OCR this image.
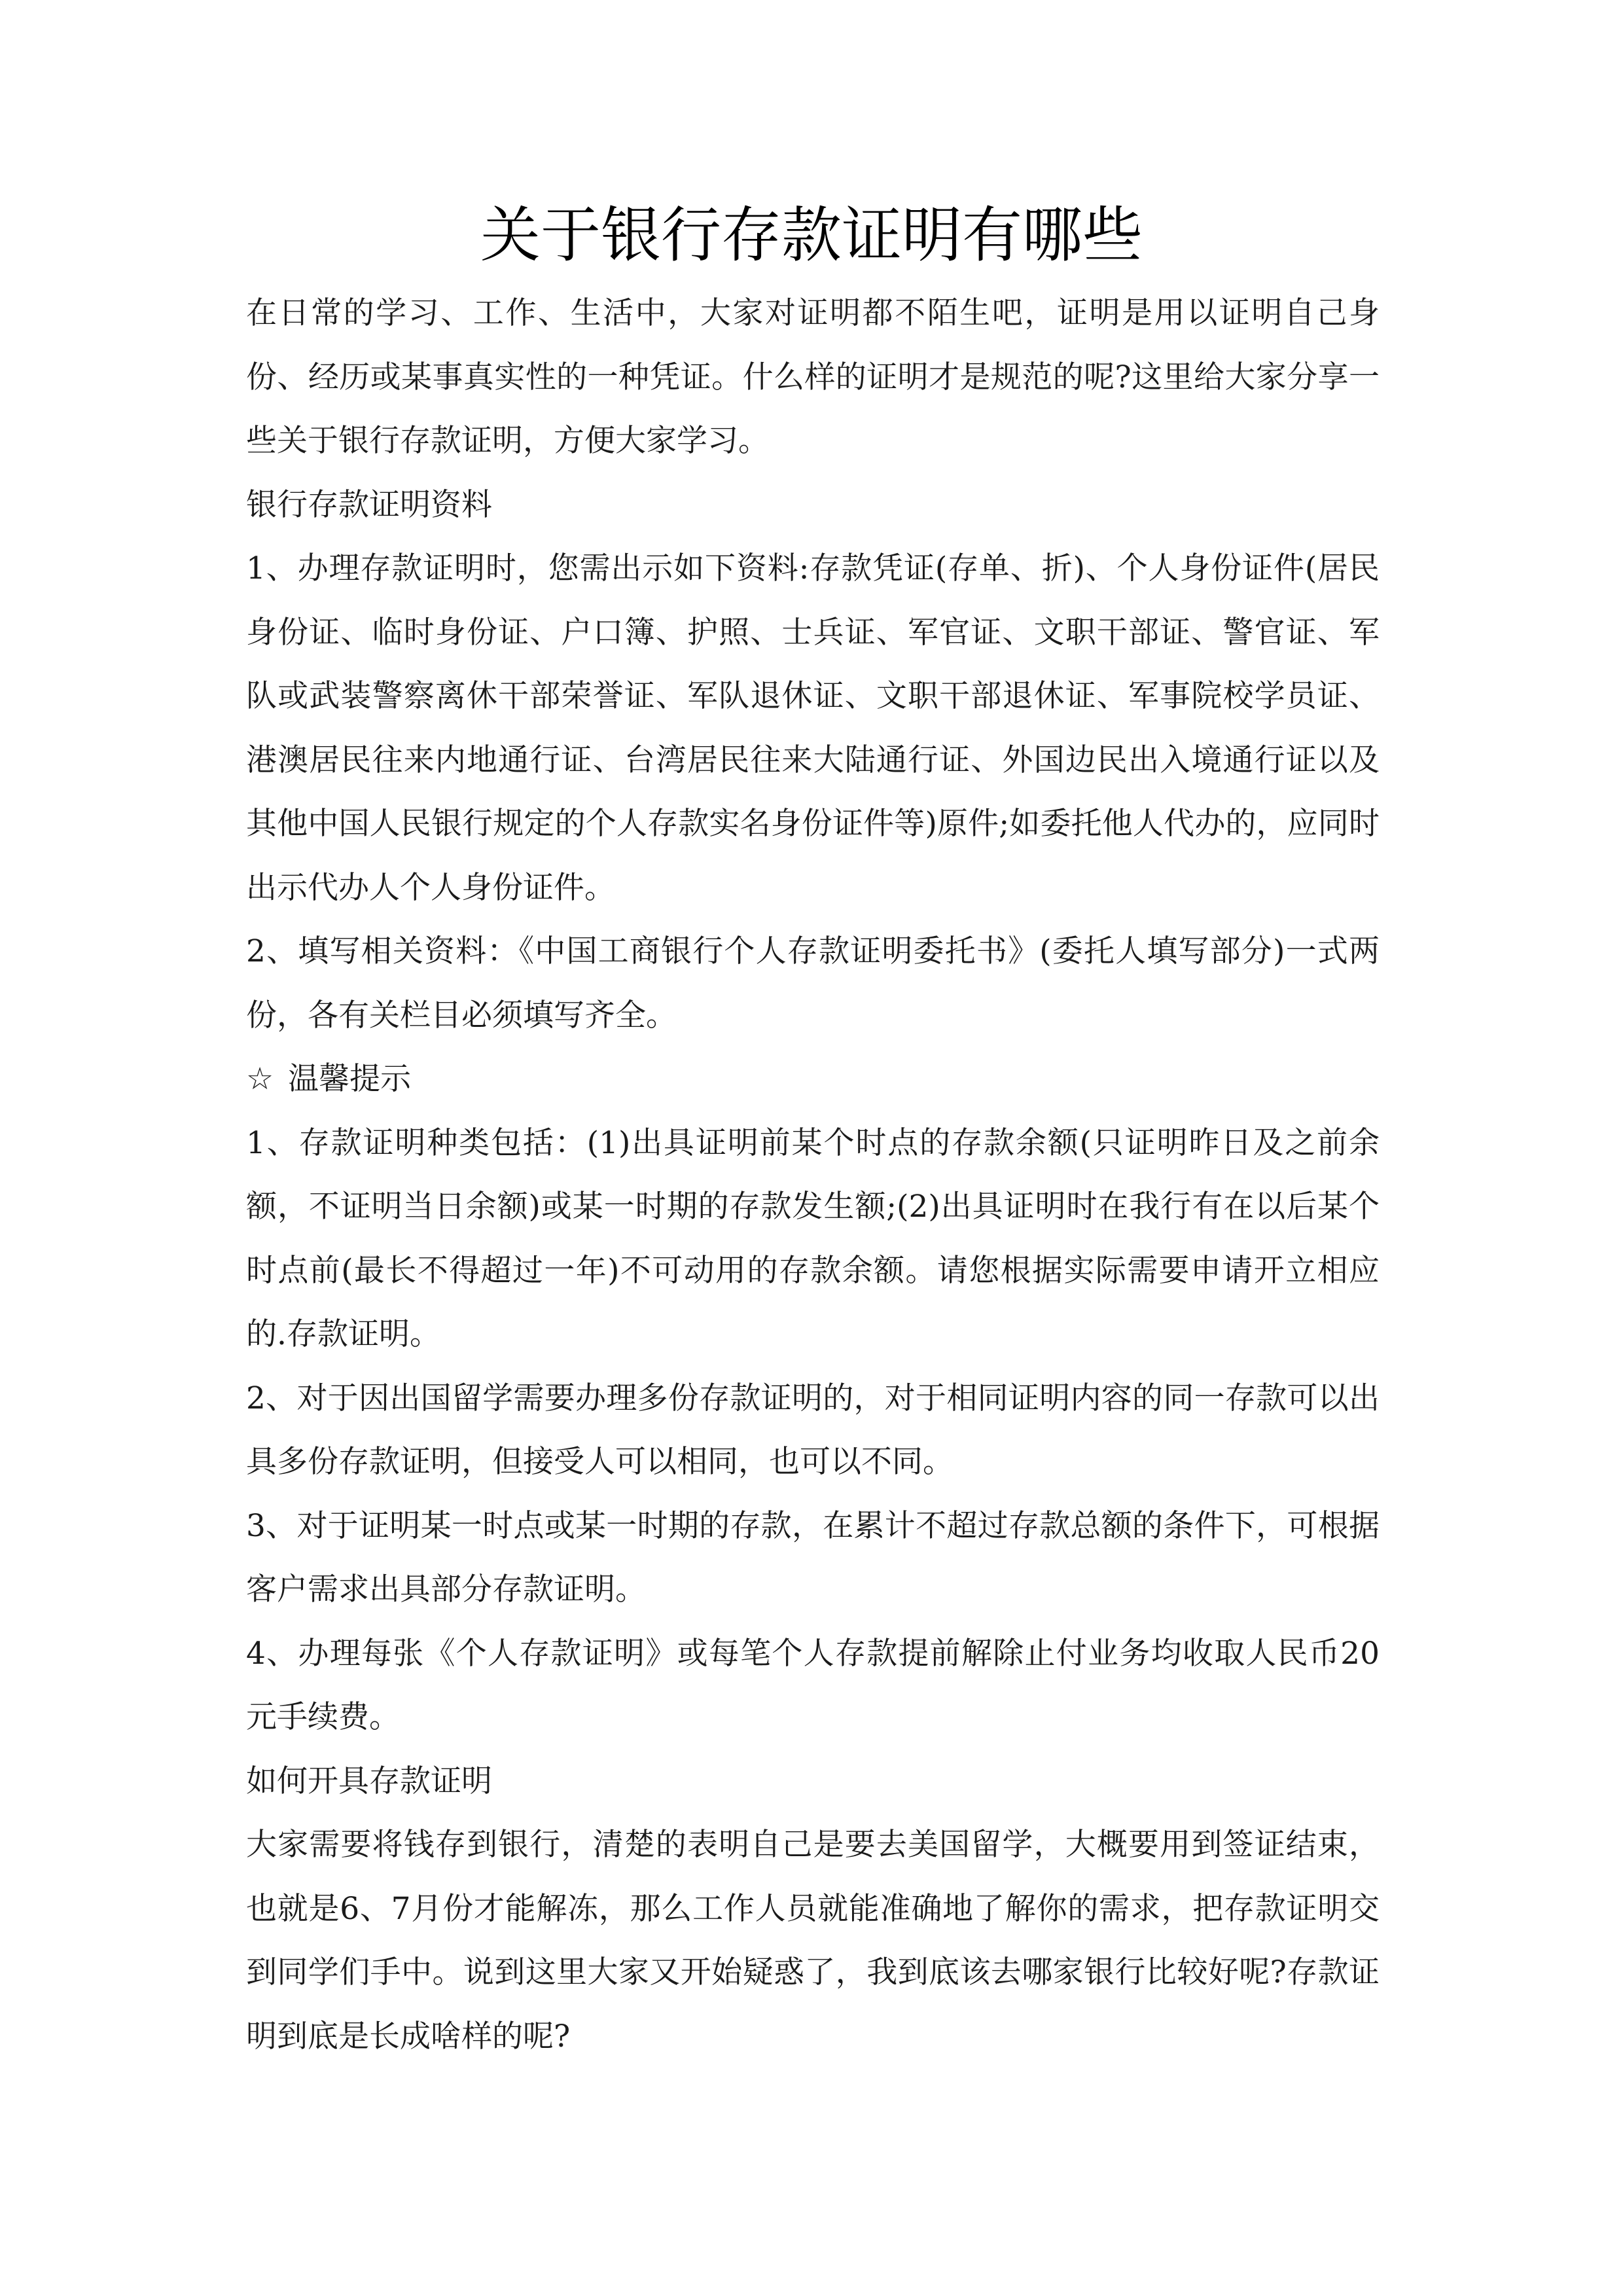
关于银行存款证明有哪些

在日常的学习、工作、生活中，大家对证明都不陌生吧，证明是用以证明自己身份、经历或某事真实性的一种凭证。什么样的证明才是规范的呢?这里给大家分享一些关于银行存款证明，方便大家学习。

银行存款证明资料

1、办理存款证明时，您需出示如下资料:存款凭证(存单、折)、个人身份证件(居民身份证、临时身份证、户口簿、护照、士兵证、军官证、文职干部证、警官证、军队或武装警察离休干部荣誉证、军队退休证、文职干部退休证、军事院校学员证、港澳居民往来内地通行证、台湾居民往来大陆通行证、外国边民出入境通行证以及其他中国人民银行规定的个人存款实名身份证件等)原件;如委托他人代办的，应同时出示代办人个人身份证件。

2、填写相关资料：《中国工商银行个人存款证明委托书》(委托人填写部分)一式两份，各有关栏目必须填写齐全。

☆ 温馨提示

1、存款证明种类包括：(1)出具证明前某个时点的存款余额(只证明昨日及之前余额，不证明当日余额)或某一时期的存款发生额;(2)出具证明时在我行有在以后某个时点前(最长不得超过一年)不可动用的存款余额。请您根据实际需要申请开立相应的.存款证明。

2、对于因出国留学需要办理多份存款证明的，对于相同证明内容的同一存款可以出具多份存款证明，但接受人可以相同，也可以不同。

3、对于证明某一时点或某一时期的存款，在累计不超过存款总额的条件下，可根据客户需求出具部分存款证明。

4、办理每张《个人存款证明》或每笔个人存款提前解除止付业务均收取人民币20元手续费。

如何开具存款证明

大家需要将钱存到银行，清楚的表明自己是要去美国留学，大概要用到签证结束，也就是6、7月份才能解冻，那么工作人员就能准确地了解你的需求，把存款证明交到同学们手中。说到这里大家又开始疑惑了，我到底该去哪家银行比较好呢?存款证明到底是长成啥样的呢?
